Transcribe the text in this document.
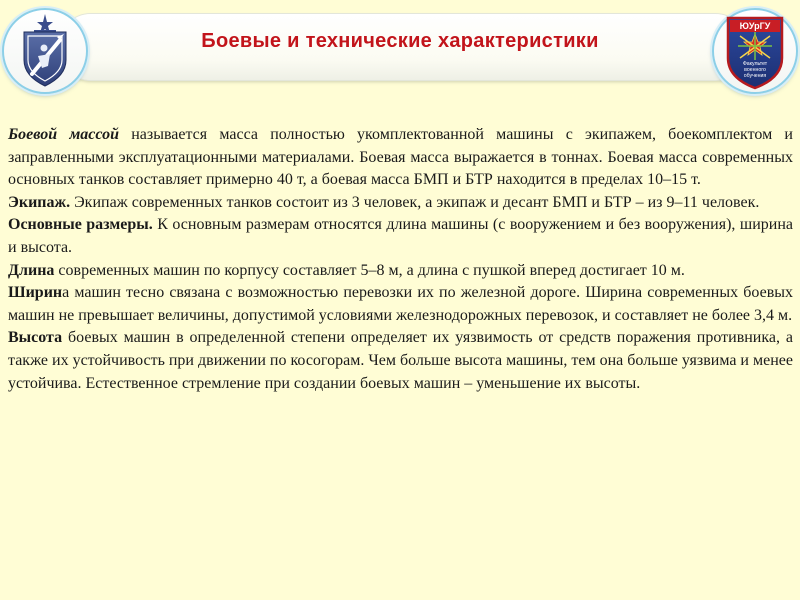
Боевые и технические характеристики
ЮУрГУ
Факультет
военного
обучения

Боевой массой называется масса полностью укомплектованной машины с экипажем, боекомплектом и заправленными эксплуатационными материалами. Боевая масса выражается в тоннах. Боевая масса современных основных танков составляет примерно 40 т, а боевая масса БМП и БТР находится в пределах 10–15 т.

Экипаж. Экипаж современных танков состоит из 3 человек, а экипаж и десант БМП и БТР – из 9–11 человек.

Основные размеры. К основным размерам относятся длина машины (с вооружением и без вооружения), ширина и высота.

Длина современных машин по корпусу составляет 5–8 м, а длина с пушкой вперед достигает 10 м.

Ширина машин тесно связана с возможностью перевозки их по железной дороге. Ширина современных боевых машин не превышает величины, допустимой условиями железнодорожных перевозок, и составляет не более 3,4 м.

Высота боевых машин в определенной степени определяет их уязвимость от средств поражения противника, а также их устойчивость при движении по косогорам. Чем больше высота машины, тем она больше уязвима и менее устойчива. Естественное стремление при создании боевых машин – уменьшение их высоты.
